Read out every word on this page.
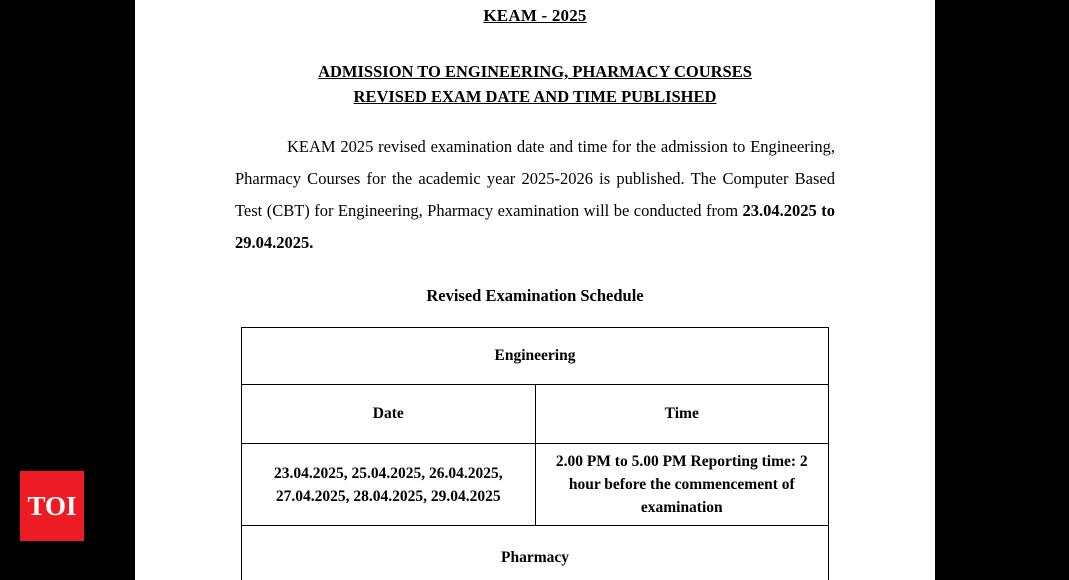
KEAM - 2025
ADMISSION TO ENGINEERING, PHARMACY COURSES
REVISED EXAM DATE AND TIME PUBLISHED
KEAM 2025 revised examination date and time for the admission to Engineering, Pharmacy Courses for the academic year 2025-2026 is published. The Computer Based Test (CBT) for Engineering, Pharmacy examination will be conducted from 23.04.2025 to 29.04.2025.
Revised Examination Schedule
Engineering	
Date	Time
23.04.2025, 25.04.2025, 26.04.2025, 27.04.2025, 28.04.2025, 29.04.2025	2.00 PM to 5.00 PM Reporting time: 2 hour before the commencement of examination
Pharmacy	

TOI
